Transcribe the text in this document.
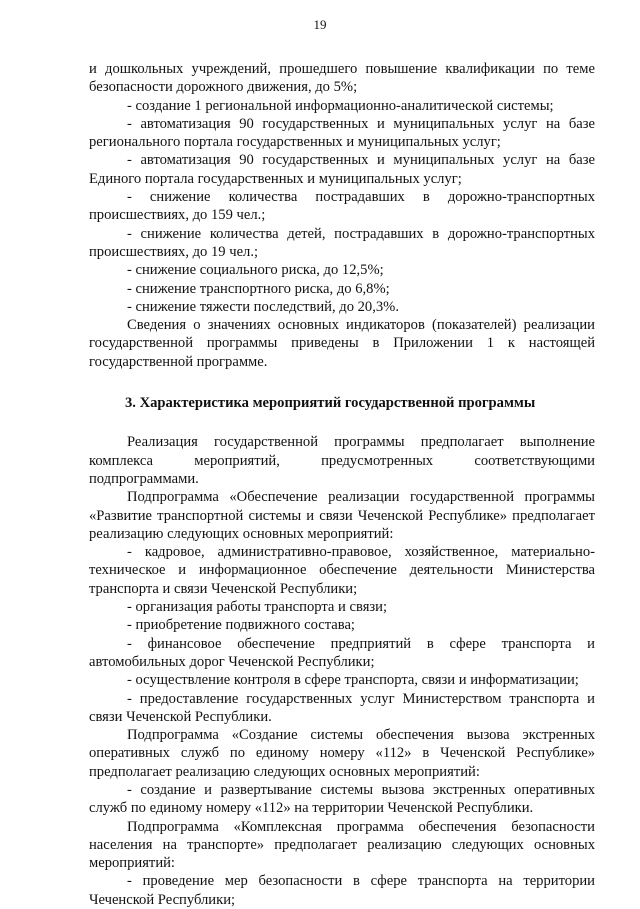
19

и дошкольных учреждений, прошедшего повышение квалификации по теме безопасности дорожного движения, до 5%;

- создание 1 региональной информационно-аналитической системы;

- автоматизация 90 государственных и муниципальных услуг на базе регионального портала государственных и муниципальных услуг;

- автоматизация 90 государственных и муниципальных услуг на базе Единого портала государственных и муниципальных услуг;

- снижение количества пострадавших в дорожно-транспортных происшествиях, до 159 чел.;

- снижение количества детей, пострадавших в дорожно-транспортных происшествиях, до 19 чел.;

- снижение социального риска, до 12,5%;

- снижение транспортного риска, до 6,8%;

- снижение тяжести последствий, до 20,3%.

Сведения о значениях основных индикаторов (показателей) реализации государственной программы приведены в Приложении 1 к настоящей государственной программе.

3. Характеристика мероприятий государственной программы

Реализация государственной программы предполагает выполнение комплекса мероприятий, предусмотренных соответствующими подпрограммами.

Подпрограмма «Обеспечение реализации государственной программы «Развитие транспортной системы и связи Чеченской Республике» предполагает реализацию следующих основных мероприятий:

- кадровое, административно-правовое, хозяйственное, материально-техническое и информационное обеспечение деятельности Министерства транспорта и связи Чеченской Республики;

- организация работы транспорта и связи;

- приобретение подвижного состава;

- финансовое обеспечение предприятий в сфере транспорта и автомобильных дорог Чеченской Республики;

- осуществление контроля в сфере транспорта, связи и информатизации;

- предоставление государственных услуг Министерством транспорта и связи Чеченской Республики.

Подпрограмма «Создание системы обеспечения вызова экстренных оперативных служб по единому номеру «112» в Чеченской Республике» предполагает реализацию следующих основных мероприятий:

- создание и развертывание системы вызова экстренных оперативных служб по единому номеру «112» на территории Чеченской Республики.

Подпрограмма «Комплексная программа обеспечения безопасности населения на транспорте» предполагает реализацию следующих основных мероприятий:

- проведение мер безопасности в сфере транспорта на территории Чеченской Республики;
